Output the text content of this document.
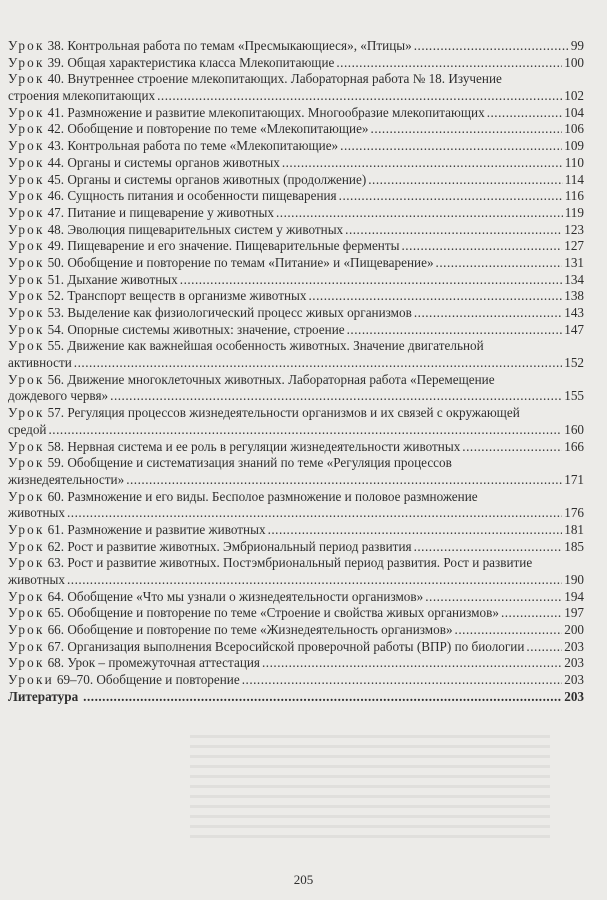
Урок 38. Контрольная работа по темам «Пресмыкающиеся», «Птицы» .....	99
Урок 39. Общая характеристика класса Млекопитающие .....	100
Урок 40. Внутреннее строение млекопитающих. Лабораторная работа № 18. Изучение
строения млекопитающих .....	102
Урок 41. Размножение и развитие млекопитающих. Многообразие млекопитающих .....	104
Урок 42. Обобщение и повторение по теме «Млекопитающие» .....	106
Урок 43. Контрольная работа по теме «Млекопитающие» .....	109
Урок 44. Органы и системы органов животных .....	110
Урок 45. Органы и системы органов животных (продолжение) .....	114
Урок 46. Сущность питания и особенности пищеварения .....	116
Урок 47. Питание и пищеварение у животных .....	119
Урок 48. Эволюция пищеварительных систем у животных .....	123
Урок 49. Пищеварение и его значение. Пищеварительные ферменты .....	127
Урок 50. Обобщение и повторение по темам «Питание» и «Пищеварение» .....	131
Урок 51. Дыхание животных .....	134
Урок 52. Транспорт веществ в организме животных .....	138
Урок 53. Выделение как физиологический процесс живых организмов .....	143
Урок 54. Опорные системы животных: значение, строение .....	147
Урок 55. Движение как важнейшая особенность животных. Значение двигательной
активности .....	152
Урок 56. Движение многоклеточных животных. Лабораторная работа «Перемещение
дождевого червя» .....	155
Урок 57. Регуляция процессов жизнедеятельности организмов и их связей с окружающей
средой .....	160
Урок 58. Нервная система и ее роль в регуляции жизнедеятельности животных .....	166
Урок 59. Обобщение и систематизация знаний по теме «Регуляция процессов
жизнедеятельности» .....	171
Урок 60. Размножение и его виды. Бесполое размножение и половое размножение
животных .....	176
Урок 61. Размножение и развитие животных .....	181
Урок 62. Рост и развитие животных. Эмбриональный период развития .....	185
Урок 63. Рост и развитие животных. Постэмбриональный период развития. Рост и развитие
животных .....	190
Урок 64. Обобщение «Что мы узнали о жизнедеятельности организмов» .....	194
Урок 65. Обобщение и повторение по теме «Строение и свойства живых организмов» .....	197
Урок 66. Обобщение и повторение по теме «Жизнедеятельность организмов» .....	200
Урок 67. Организация выполнения Всеросийской проверочной работы (ВПР) по биологии .....	203
Урок 68. Урок – промежуточная аттестация .....	203
Уроки 69–70. Обобщение и повторение .....	203
Литература .....	203
205
